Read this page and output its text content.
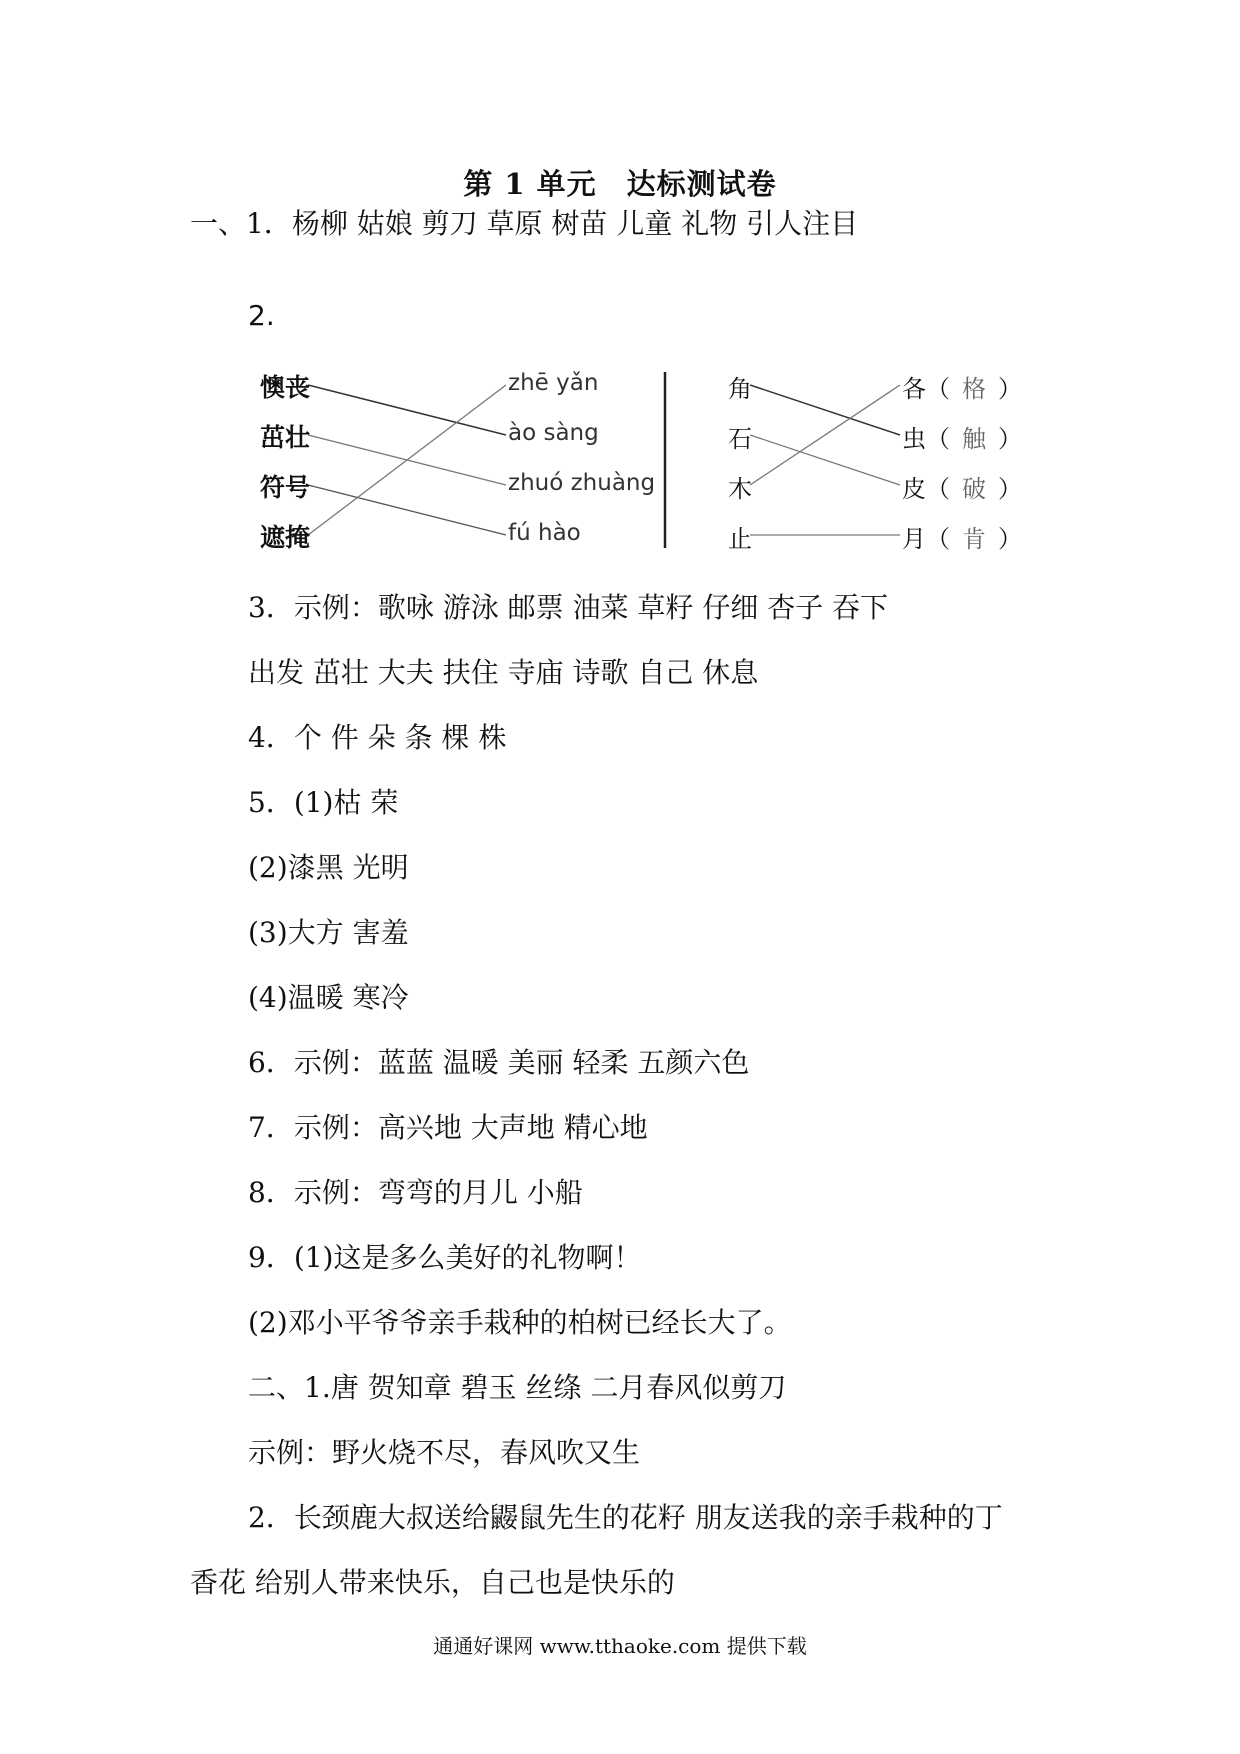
第 1 单元　达标测试卷
一、1．杨柳 姑娘 剪刀 草原 树苗 儿童 礼物 引人注目
2.
懊丧
茁壮
符号
遮掩
zhē yǎn
ào sàng
zhuó zhuàng
fú hào
角
石
木
止
各（ 格 ）
虫（ 触 ）
皮（ 破 ）
月（ 肯 ）
3．示例：歌咏 游泳 邮票 油菜 草籽 仔细 杏子 吞下
出发 茁壮 大夫 扶住 寺庙 诗歌 自己 休息
4．个 件 朵 条 棵 株
5．(1)枯 荣
(2)漆黑 光明
(3)大方 害羞
(4)温暖 寒冷
6．示例：蓝蓝 温暖 美丽 轻柔 五颜六色
7．示例：高兴地 大声地 精心地
8．示例：弯弯的月儿 小船
9．(1)这是多么美好的礼物啊！
(2)邓小平爷爷亲手栽种的柏树已经长大了。
二、1.唐 贺知章 碧玉 丝绦 二月春风似剪刀
示例：野火烧不尽，春风吹又生
2．长颈鹿大叔送给鼹鼠先生的花籽 朋友送我的亲手栽种的丁
香花 给别人带来快乐，自己也是快乐的
通通好课网 www.tthaoke.com 提供下载
